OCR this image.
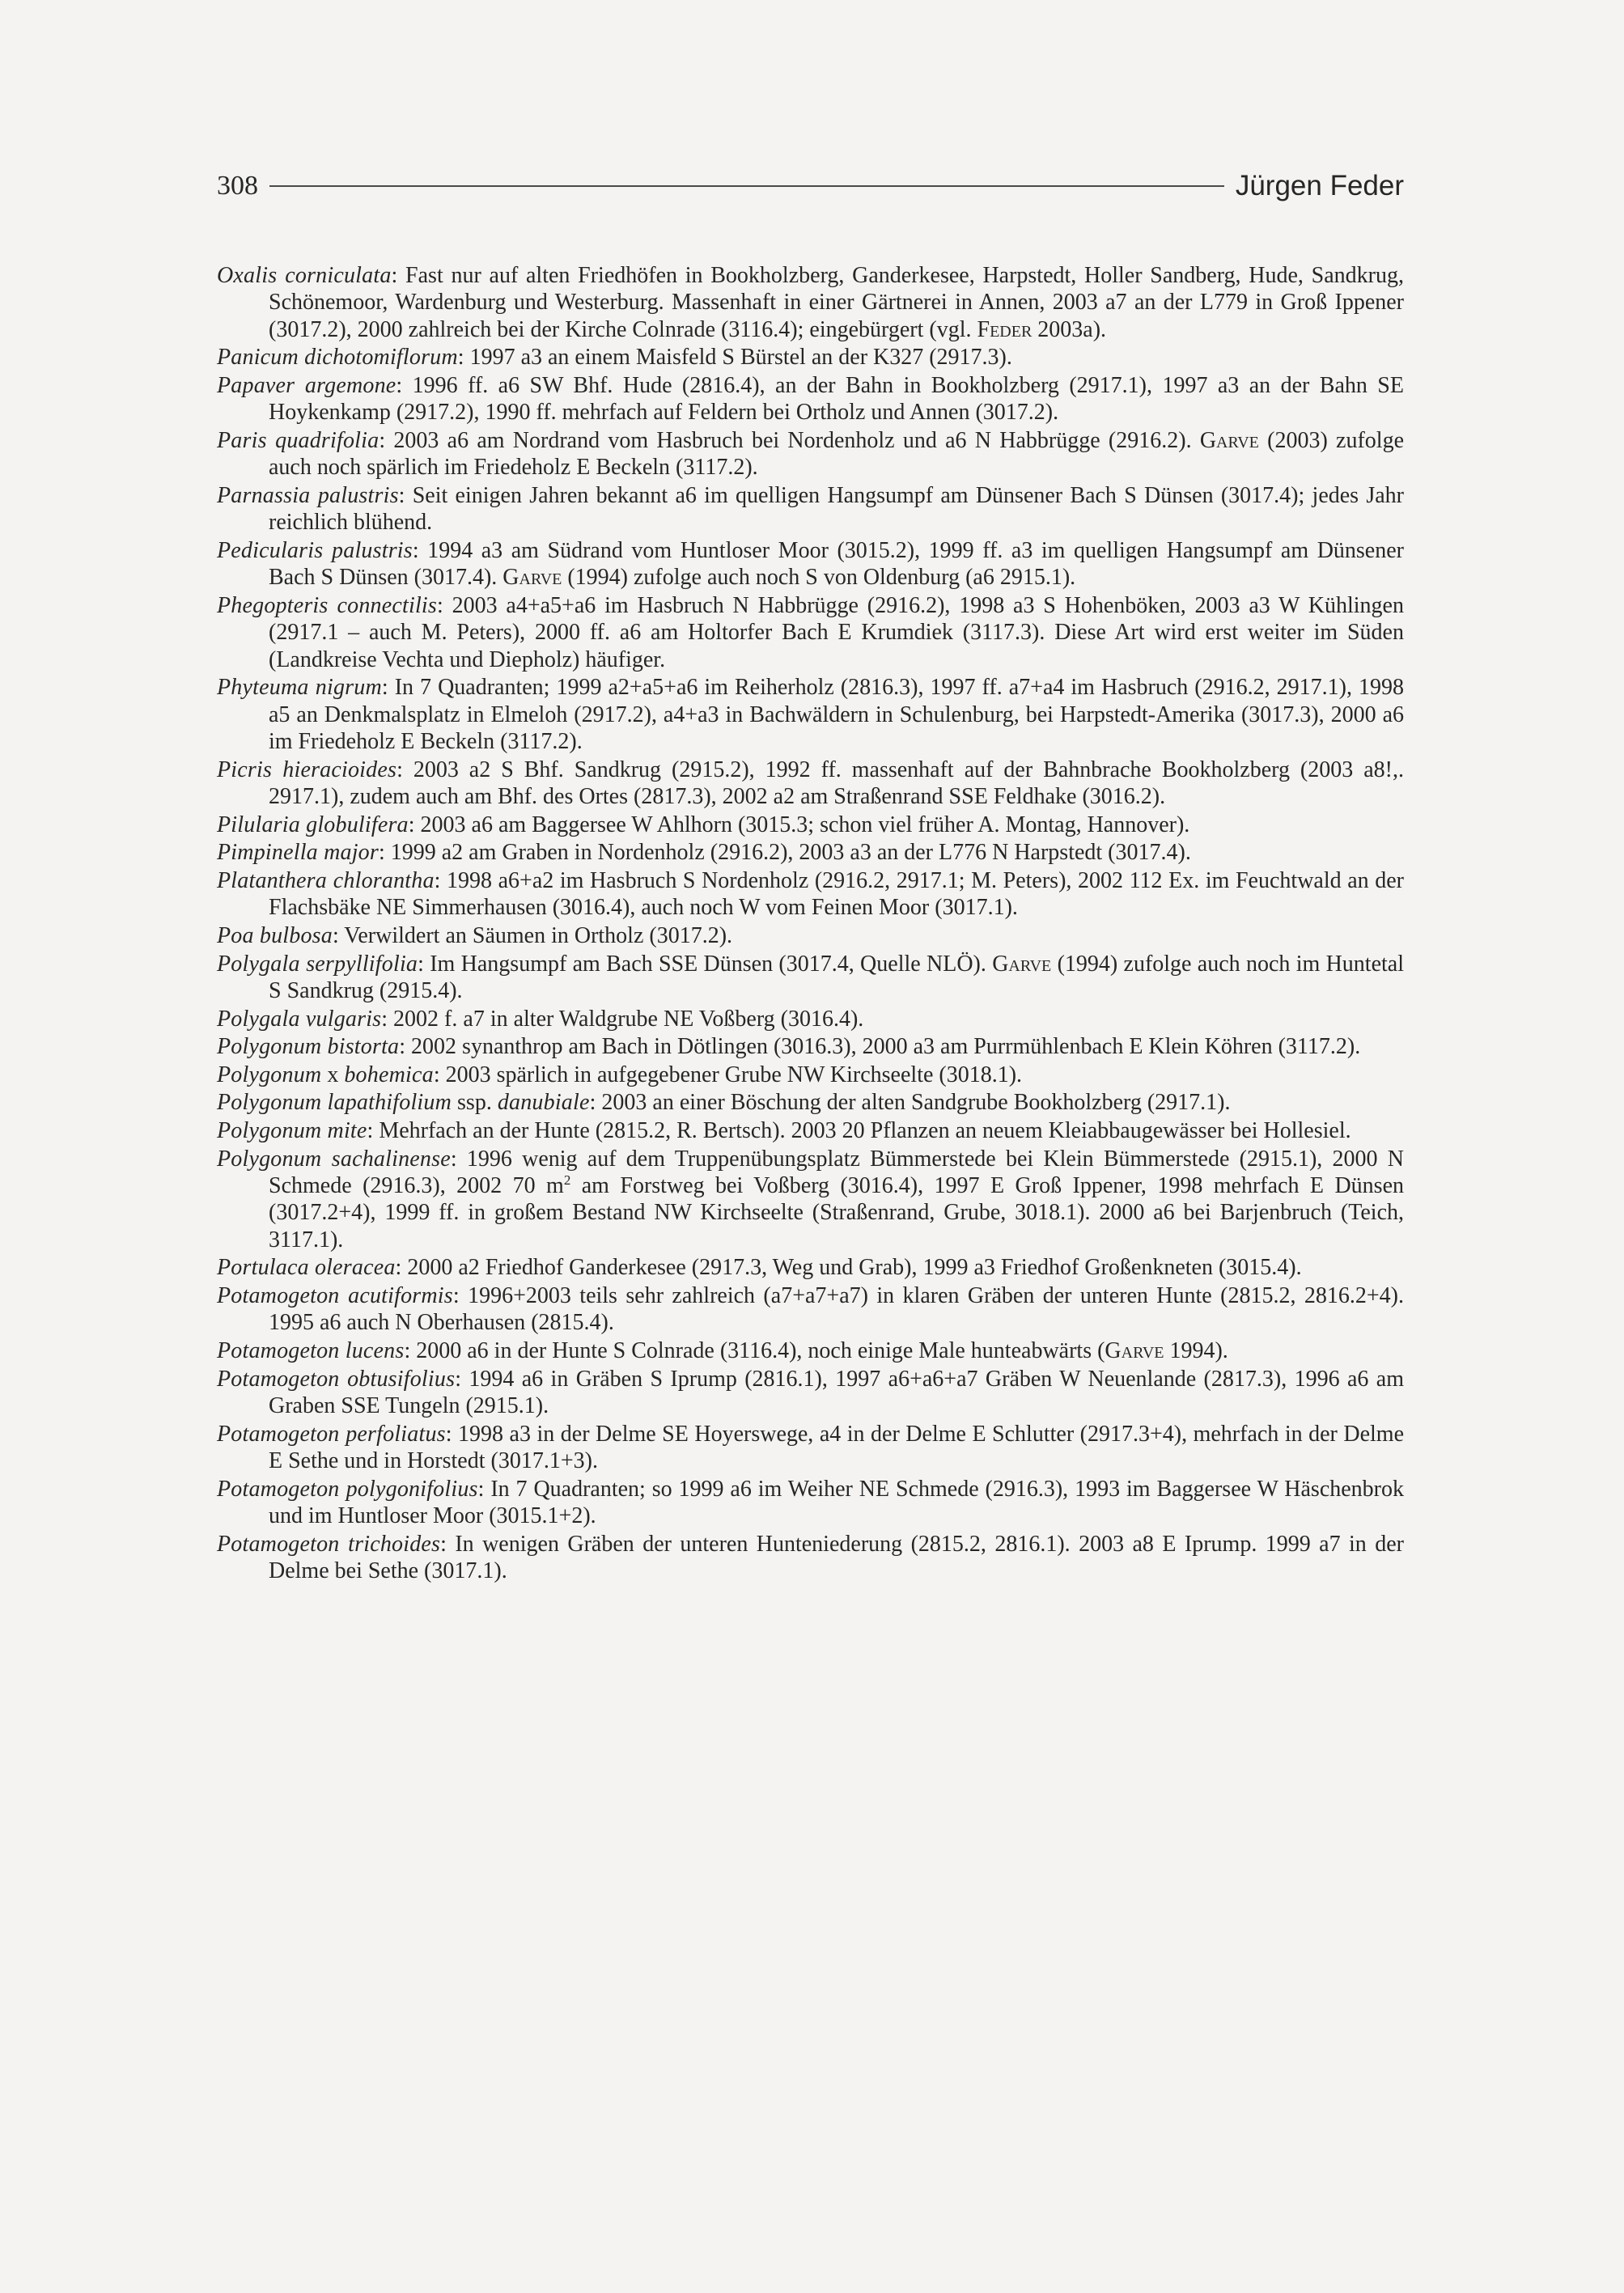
308	Jürgen Feder

Oxalis corniculata: Fast nur auf alten Friedhöfen in Bookholzberg, Ganderkesee, Harpstedt, Holler Sandberg, Hude, Sandkrug, Schönemoor, Wardenburg und Westerburg. Massenhaft in einer Gärtnerei in Annen, 2003 a7 an der L779 in Groß Ippener (3017.2), 2000 zahlreich bei der Kirche Colnrade (3116.4); eingebürgert (vgl. Feder 2003a).

Panicum dichotomiflorum: 1997 a3 an einem Maisfeld S Bürstel an der K327 (2917.3).

Papaver argemone: 1996 ff. a6 SW Bhf. Hude (2816.4), an der Bahn in Bookholzberg (2917.1), 1997 a3 an der Bahn SE Hoykenkamp (2917.2), 1990 ff. mehrfach auf Feldern bei Ortholz und Annen (3017.2).

Paris quadrifolia: 2003 a6 am Nordrand vom Hasbruch bei Nordenholz und a6 N Habbrügge (2916.2). Garve (2003) zufolge auch noch spärlich im Friedeholz E Beckeln (3117.2).

Parnassia palustris: Seit einigen Jahren bekannt a6 im quelligen Hangsumpf am Dünsener Bach S Dünsen (3017.4); jedes Jahr reichlich blühend.

Pedicularis palustris: 1994 a3 am Südrand vom Huntloser Moor (3015.2), 1999 ff. a3 im quelligen Hangsumpf am Dünsener Bach S Dünsen (3017.4). Garve (1994) zufolge auch noch S von Oldenburg (a6 2915.1).

Phegopteris connectilis: 2003 a4+a5+a6 im Hasbruch N Habbrügge (2916.2), 1998 a3 S Hohenböken, 2003 a3 W Kühlingen (2917.1 – auch M. Peters), 2000 ff. a6 am Holtorfer Bach E Krumdiek (3117.3). Diese Art wird erst weiter im Süden (Landkreise Vechta und Diepholz) häufiger.

Phyteuma nigrum: In 7 Quadranten; 1999 a2+a5+a6 im Reiherholz (2816.3), 1997 ff. a7+a4 im Hasbruch (2916.2, 2917.1), 1998 a5 an Denkmalsplatz in Elmeloh (2917.2), a4+a3 in Bachwäldern in Schulenburg, bei Harpstedt-Amerika (3017.3), 2000 a6 im Friedeholz E Beckeln (3117.2).

Picris hieracioides: 2003 a2 S Bhf. Sandkrug (2915.2), 1992 ff. massenhaft auf der Bahnbrache Bookholzberg (2003 a8!,. 2917.1), zudem auch am Bhf. des Ortes (2817.3), 2002 a2 am Straßenrand SSE Feldhake (3016.2).

Pilularia globulifera: 2003 a6 am Baggersee W Ahlhorn (3015.3; schon viel früher A. Montag, Hannover).

Pimpinella major: 1999 a2 am Graben in Nordenholz (2916.2), 2003 a3 an der L776 N Harpstedt (3017.4).

Platanthera chlorantha: 1998 a6+a2 im Hasbruch S Nordenholz (2916.2, 2917.1; M. Peters), 2002 112 Ex. im Feuchtwald an der Flachsbäke NE Simmerhausen (3016.4), auch noch W vom Feinen Moor (3017.1).

Poa bulbosa: Verwildert an Säumen in Ortholz (3017.2).

Polygala serpyllifolia: Im Hangsumpf am Bach SSE Dünsen (3017.4, Quelle NLÖ). Garve (1994) zufolge auch noch im Huntetal S Sandkrug (2915.4).

Polygala vulgaris: 2002 f. a7 in alter Waldgrube NE Voßberg (3016.4).

Polygonum bistorta: 2002 synanthrop am Bach in Dötlingen (3016.3), 2000 a3 am Purrmühlenbach E Klein Köhren (3117.2).

Polygonum x bohemica: 2003 spärlich in aufgegebener Grube NW Kirchseelte (3018.1).

Polygonum lapathifolium ssp. danubiale: 2003 an einer Böschung der alten Sandgrube Bookholzberg (2917.1).

Polygonum mite: Mehrfach an der Hunte (2815.2, R. Bertsch). 2003 20 Pflanzen an neuem Kleiabbaugewässer bei Hollesiel.

Polygonum sachalinense: 1996 wenig auf dem Truppenübungsplatz Bümmerstede bei Klein Bümmerstede (2915.1), 2000 N Schmede (2916.3), 2002 70 $m^2$ am Forstweg bei Voßberg (3016.4), 1997 E Groß Ippener, 1998 mehrfach E Dünsen (3017.2+4), 1999 ff. in großem Bestand NW Kirchseelte (Straßenrand, Grube, 3018.1). 2000 a6 bei Barjenbruch (Teich, 3117.1).

Portulaca oleracea: 2000 a2 Friedhof Ganderkesee (2917.3, Weg und Grab), 1999 a3 Friedhof Großenkneten (3015.4).

Potamogeton acutiformis: 1996+2003 teils sehr zahlreich (a7+a7+a7) in klaren Gräben der unteren Hunte (2815.2, 2816.2+4). 1995 a6 auch N Oberhausen (2815.4).

Potamogeton lucens: 2000 a6 in der Hunte S Colnrade (3116.4), noch einige Male hunteabwärts (Garve 1994).

Potamogeton obtusifolius: 1994 a6 in Gräben S Iprump (2816.1), 1997 a6+a6+a7 Gräben W Neuenlande (2817.3), 1996 a6 am Graben SSE Tungeln (2915.1).

Potamogeton perfoliatus: 1998 a3 in der Delme SE Hoyerswege, a4 in der Delme E Schlutter (2917.3+4), mehrfach in der Delme E Sethe und in Horstedt (3017.1+3).

Potamogeton polygonifolius: In 7 Quadranten; so 1999 a6 im Weiher NE Schmede (2916.3), 1993 im Baggersee W Häschenbrok und im Huntloser Moor (3015.1+2).

Potamogeton trichoides: In wenigen Gräben der unteren Hunteniederung (2815.2, 2816.1). 2003 a8 E Iprump. 1999 a7 in der Delme bei Sethe (3017.1).
